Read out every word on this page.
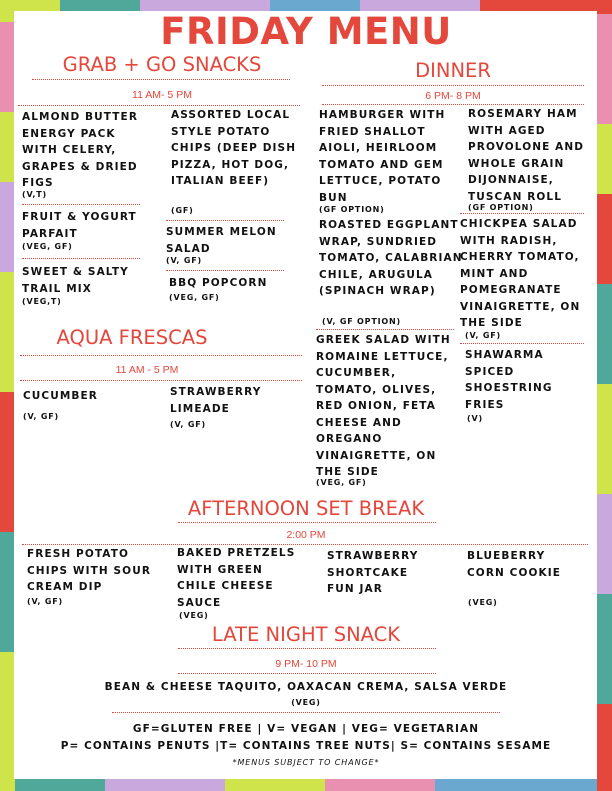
FRIDAY MENU
GRAB + GO SNACKS
11 AM- 5 PM
ALMOND BUTTER ENERGY PACK WITH CELERY, GRAPES & DRIED FIGS
(V,T)
FRUIT & YOGURT PARFAIT
(VEG, GF)
SWEET & SALTY TRAIL MIX
(VEG,T)
ASSORTED LOCAL STYLE POTATO CHIPS (DEEP DISH PIZZA, HOT DOG, ITALIAN BEEF)
(GF)
SUMMER MELON SALAD
(V, GF)
BBQ POPCORN
(VEG, GF)
AQUA FRESCAS
11 AM - 5 PM
CUCUMBER
(V, GF)
STRAWBERRY LIMEADE
(V, GF)
DINNER
6 PM- 8 PM
HAMBURGER WITH FRIED SHALLOT AIOLI, HEIRLOOM TOMATO AND GEM LETTUCE, POTATO BUN
(GF OPTION)
ROASTED EGGPLANT WRAP, SUNDRIED TOMATO, CALABRIAN CHILE, ARUGULA (SPINACH WRAP)
(V, GF OPTION)
GREEK SALAD WITH ROMAINE LETTUCE, CUCUMBER, TOMATO, OLIVES, RED ONION, FETA CHEESE AND OREGANO VINAIGRETTE, ON THE SIDE
(VEG, GF)
ROSEMARY HAM WITH AGED PROVOLONE AND WHOLE GRAIN DIJONNAISE, TUSCAN ROLL
(GF OPTION)
CHICKPEA SALAD WITH RADISH, CHERRY TOMATO, MINT AND POMEGRANATE VINAIGRETTE, ON THE SIDE
(V, GF)
SHAWARMA SPICED SHOESTRING FRIES
(V)
AFTERNOON SET BREAK
2:00 PM
FRESH POTATO CHIPS WITH SOUR CREAM DIP
(V, GF)
BAKED PRETZELS WITH GREEN CHILE CHEESE SAUCE
(VEG)
STRAWBERRY SHORTCAKE FUN JAR
BLUEBERRY CORN COOKIE
(VEG)
LATE NIGHT SNACK
9 PM- 10 PM
BEAN & CHEESE TAQUITO, OAXACAN CREMA, SALSA VERDE
(VEG)
GF=GLUTEN FREE | V= VEGAN | VEG= VEGETARIAN
P= CONTAINS PENUTS |T= CONTAINS TREE NUTS| S= CONTAINS SESAME
*MENUS SUBJECT TO CHANGE*
